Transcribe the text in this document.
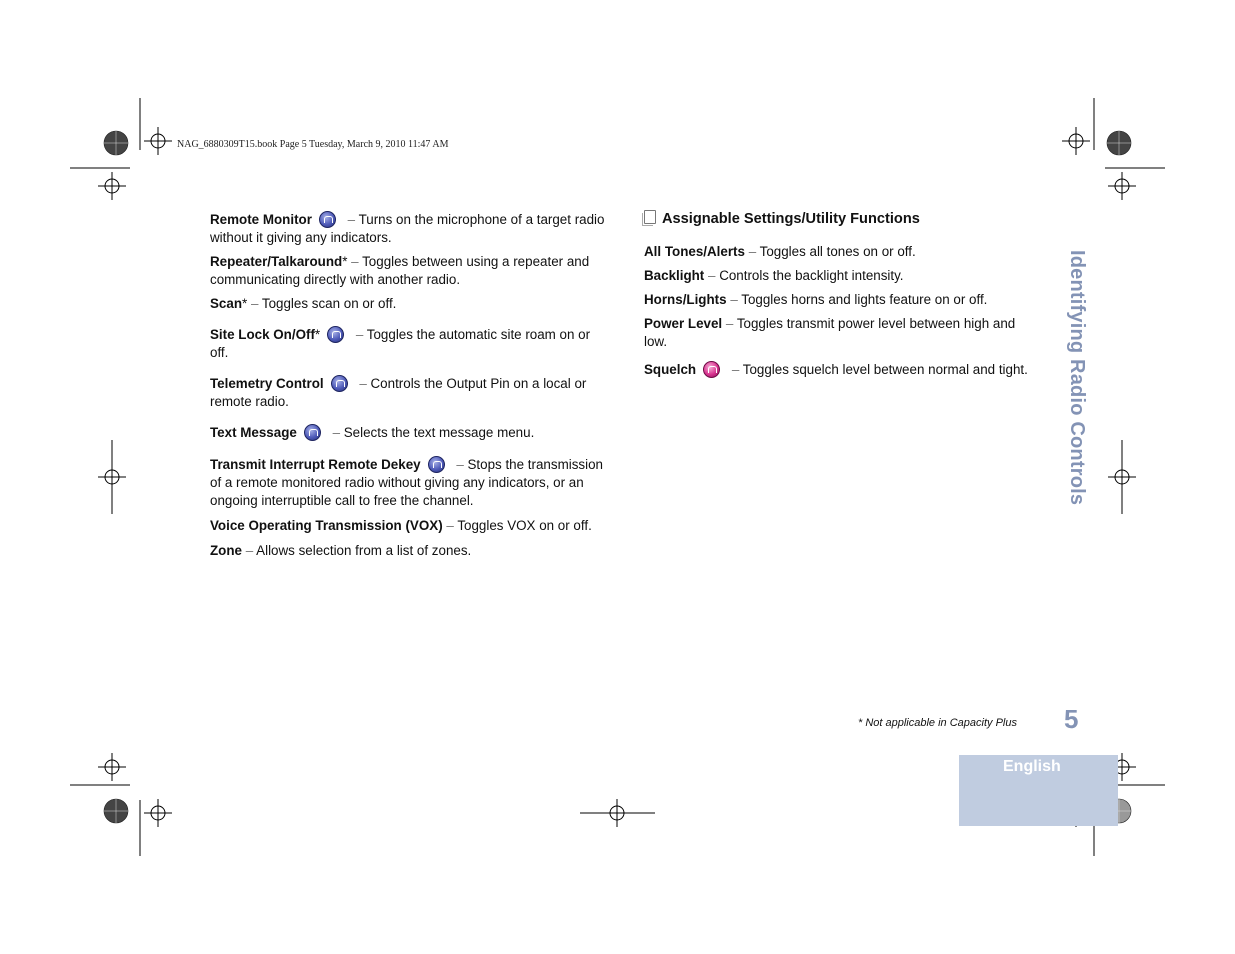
NAG_6880309T15.book Page 5 Tuesday, March 9, 2010 11:47 AM

Remote Monitor	– Turns on the microphone of a target radio without it giving any indicators.

Repeater/Talkaround* – Toggles between using a repeater and communicating directly with another radio.

Scan* – Toggles scan on or off.

Site Lock On/Off*	– Toggles the automatic site roam on or off.

Telemetry Control	– Controls the Output Pin on a local or remote radio.

Text Message	– Selects the text message menu.

Transmit Interrupt Remote Dekey	– Stops the transmission of a remote monitored radio without giving any indicators, or an ongoing interruptible call to free the channel.

Voice Operating Transmission (VOX) – Toggles VOX on or off.

Zone – Allows selection from a list of zones.

Assignable Settings/Utility Functions

All Tones/Alerts – Toggles all tones on or off.

Backlight – Controls the backlight intensity.

Horns/Lights – Toggles horns and lights feature on or off.

Power Level – Toggles transmit power level between high and low.

Squelch	– Toggles squelch level between normal and tight.	Identifying Radio Controls
* Not applicable in Capacity Plus 5
English
